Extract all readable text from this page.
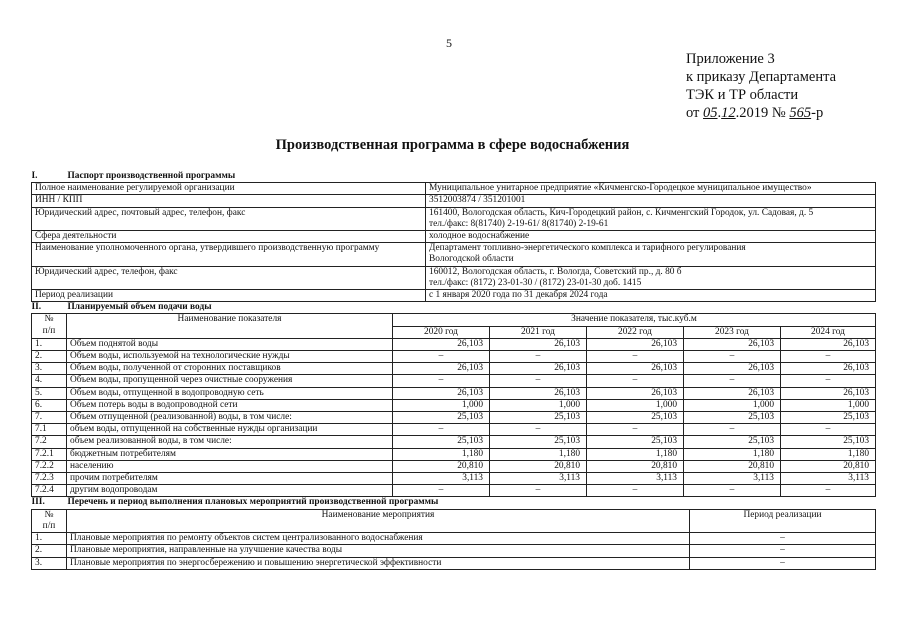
5
Приложение 3
к приказу Департамента
ТЭК и ТР области
от 05.12.2019 № 565-р
Производственная программа в сфере водоснабжения
I. Паспорт производственной программы	
Полное наименование регулируемой организации	Муниципальное унитарное предприятие «Кичменгско-Городецкое муниципальное имущество»

ИНН / КПП	3512003874 / 351201001

Юридический адрес, почтовый адрес, телефон, факс	161400, Вологодская область, Кич-Городецкий район, с. Кичменгский Городок, ул. Садовая, д. 5
тел./факс: 8(81740) 2-19-61/ 8(81740) 2-19-61

Сфера деятельности	холодное водоснабжение

Наименование уполномоченного органа, утвердившего производственную программу	Департамент топливно-энергетического комплекса и тарифного регулирования
Вологодской области

Юридический адрес, телефон, факс	160012, Вологодская область, г. Вологда, Советский пр., д. 80 б
тел./факс: (8172) 23-01-30 / (8172) 23-01-30 доб. 1415

Период реализации	с 1 января 2020 года по 31 декабря 2024 года
II. Планируемый объем подачи воды						

№
п/п	Наименование показателя	Значение показателя, тыс.куб.м				
		2020 год	2021 год	2022 год	2023 год	2024 год
1.	Объем поднятой воды	26,103	26,103	26,103	26,103	26,103
2.	Объем воды, используемой на технологические нужды	–	–	–	–	–
3.	Объем воды, полученной от сторонних поставщиков	26,103	26,103	26,103	26,103	26,103
4.	Объем воды, пропущенной через очистные сооружения	–	–	–	–	–
5.	Объем воды, отпущенной в водопроводную сеть	26,103	26,103	26,103	26,103	26,103
6.	Объем потерь воды в водопроводной сети	1,000	1,000	1,000	1,000	1,000
7.	Объем отпущенной (реализованной) воды, в том числе:	25,103	25,103	25,103	25,103	25,103
7.1	объем воды, отпущенной на собственные нужды организации	–	–	–	–	–
7.2	объем реализованной воды, в том числе:	25,103	25,103	25,103	25,103	25,103
7.2.1	бюджетным потребителям	1,180	1,180	1,180	1,180	1,180
7.2.2	населению	20,810	20,810	20,810	20,810	20,810
7.2.3	прочим потребителям	3,113	3,113	3,113	3,113	3,113
7.2.4	другим водопроводам	–	–	–	–	–
III. Перечень и период выполнения плановых мероприятий производственной программы		

№
п/п	Наименование мероприятия	Период реализации
1.	Плановые мероприятия по ремонту объектов систем централизованного водоснабжения	–
2.	Плановые мероприятия, направленные на улучшение качества воды	–
3.	Плановые мероприятия по энергосбережению и повышению энергетической эффективности	–
